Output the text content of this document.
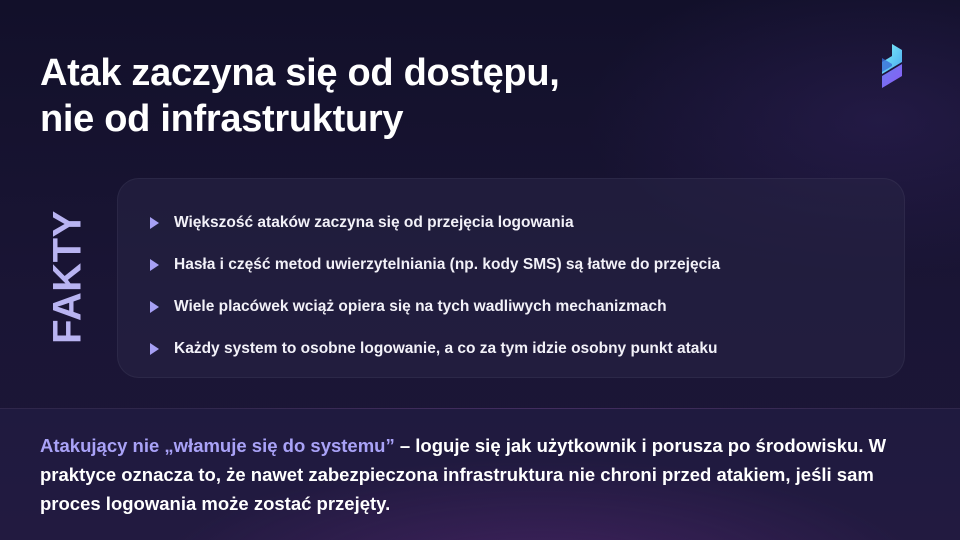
Atak zaczyna się od dostępu,
nie od infrastruktury
FAKTY	Większość ataków zaczyna się od przejęcia logowania
Hasła i część metod uwierzytelniania (np. kody SMS) są łatwe do przejęcia
Wiele placówek wciąż opiera się na tych wadliwych mechanizmach
Każdy system to osobne logowanie, a co za tym idzie osobny punkt ataku

Atakujący nie „włamuje się do systemu” – loguje się jak użytkownik i porusza po środowisku. W praktyce oznacza to, że nawet zabezpieczona infrastruktura nie chroni przed atakiem, jeśli sam proces logowania może zostać przejęty.
